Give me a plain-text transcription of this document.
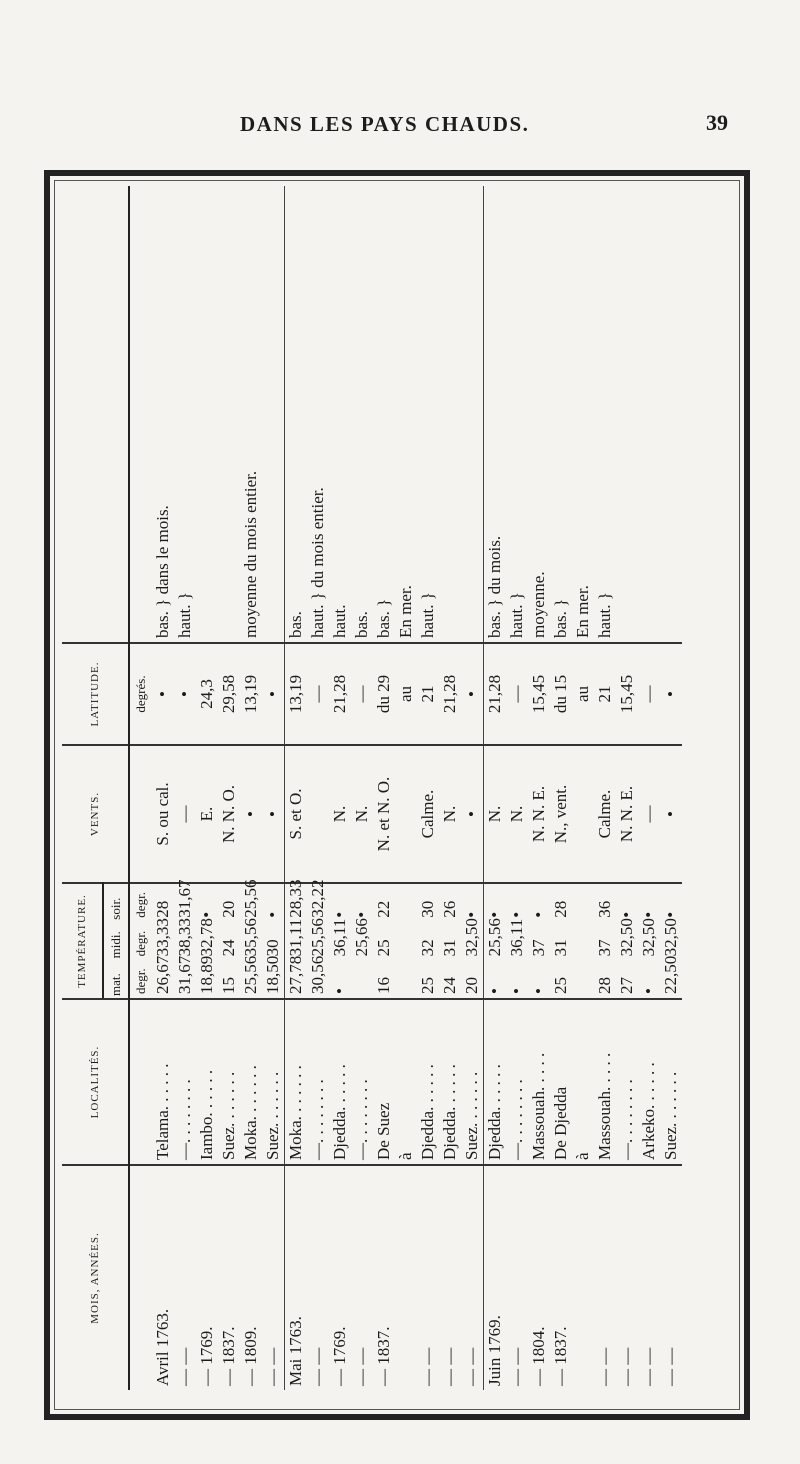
DANS LES PAYS CHAUDS.	39
MOIS, ANNÉES.	LOCALITÉS.	TEMPÉRATURE.			VENTS.	LATITUDE.	
		mat.	midi.	soir.			
		degr.	degr.	degr.		degrés.	
Avril 1763.	Telama. . . . . .	26,67	33,33	28	S. ou cal.	•	bas. } dans le mois.
— —	—. . . . . . . .	31,67	38,33	31,67	—	•	haut. }
— 1769.	Iambo. . . . . .	18,89	32,78	•	E.	24,3	
— 1837.	Suez. . . . . . .	15	24	20	N. N. O.	29,58	
— 1809.	Moka. . . . . . .	25,56	35,56	25,56	•	13,19	moyenne du mois entier.
— —	Suez. . . . . . .	18,50	30	•	•	•	
Mai 1763.	Moka. . . . . . .	27,78	31,11	28,33	S. et O.	13,19	bas.
— —	—. . . . . . . .	30,56	25,56	32,22		—	haut. } du mois entier.
— 1769.	Djedda. . . . . .	•	36,11	•	N.	21,28	haut.
— —	—. . . . . . . .		25,66	•	N.	—	bas.
— 1837.	De Suez	16	25	22	N. et N. O.	du 29	bas. }
	à					au	En mer.
— —	Djedda. . . . . .	25	32	30	Calme.	21	haut. }
— —	Djedda. . . . . .	24	31	26	N.	21,28	
— —	Suez. . . . . . .	20	32,50	•	•	•	
Juin 1769.	Djedda. . . . . .	•	25,56	•	N.	21,28	bas. } du mois.
— —	—. . . . . . . .	•	36,11	•	N.	—	haut. }
— 1804.	Massouah. . . . .	•	37	•	N. N. E.	15,45	moyenne.
— 1837.	De Djedda	25	31	28	N., vent.	du 15	bas. }
	à					au	En mer.
— —	Massouah. . . . .	28	37	36	Calme.	21	haut. }
— —	—. . . . . . . .	27	32,50	•	N. N. E.	15,45	
— —	Arkeko. . . . . .	•	32,50	•	—	—	
— —	Suez. . . . . . .	22,50	32,50	•	•	•	
